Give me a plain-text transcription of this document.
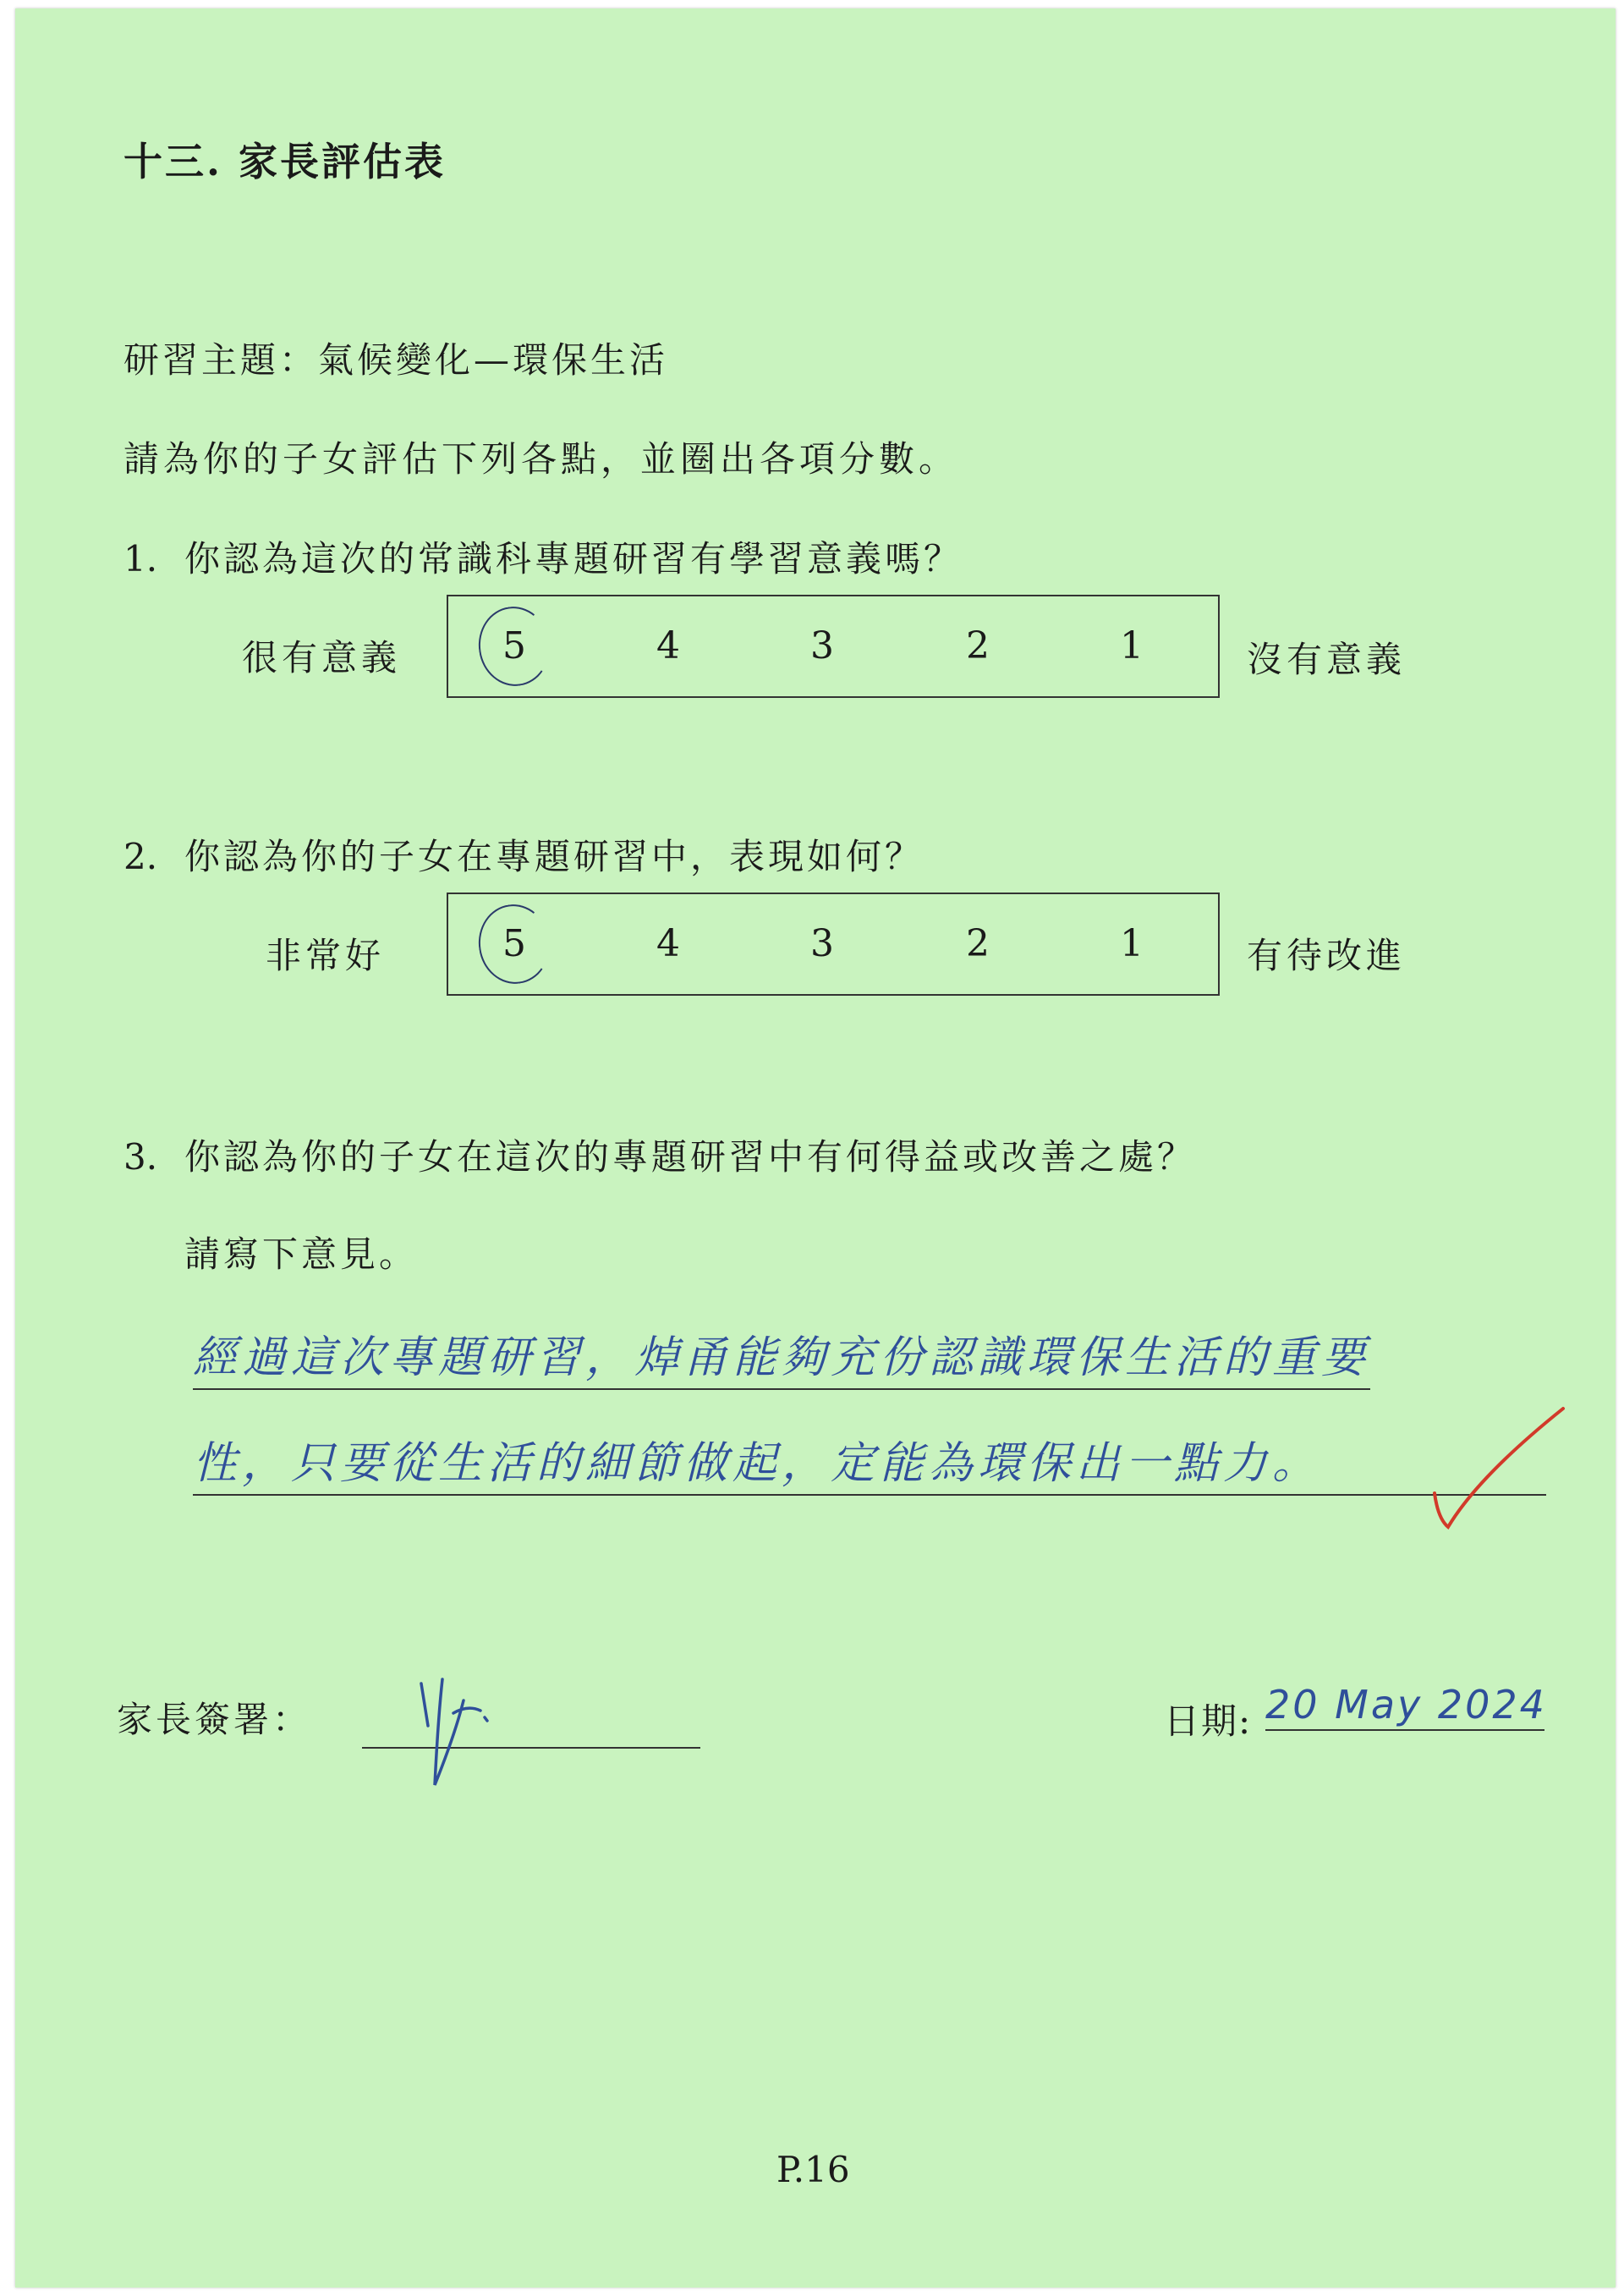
十三. 家長評估表
研習主題：氣候變化—環保生活
請為你的子女評估下列各點，並圈出各項分數。
1. 你認為這次的常識科專題研習有學習意義嗎？
很有意義	5	4	3	2	1	沒有意義
2. 你認為你的子女在專題研習中，表現如何？
非常好	5	4	3	2	1	有待改進
3. 你認為你的子女在這次的專題研習中有何得益或改善之處？
請寫下意見。
經過這次專題研習，焯甬能夠充份認識環保生活的重要
性，只要從生活的細節做起，定能為環保出一點力。
家長簽署：	日期: 20 May 2024
P.16
